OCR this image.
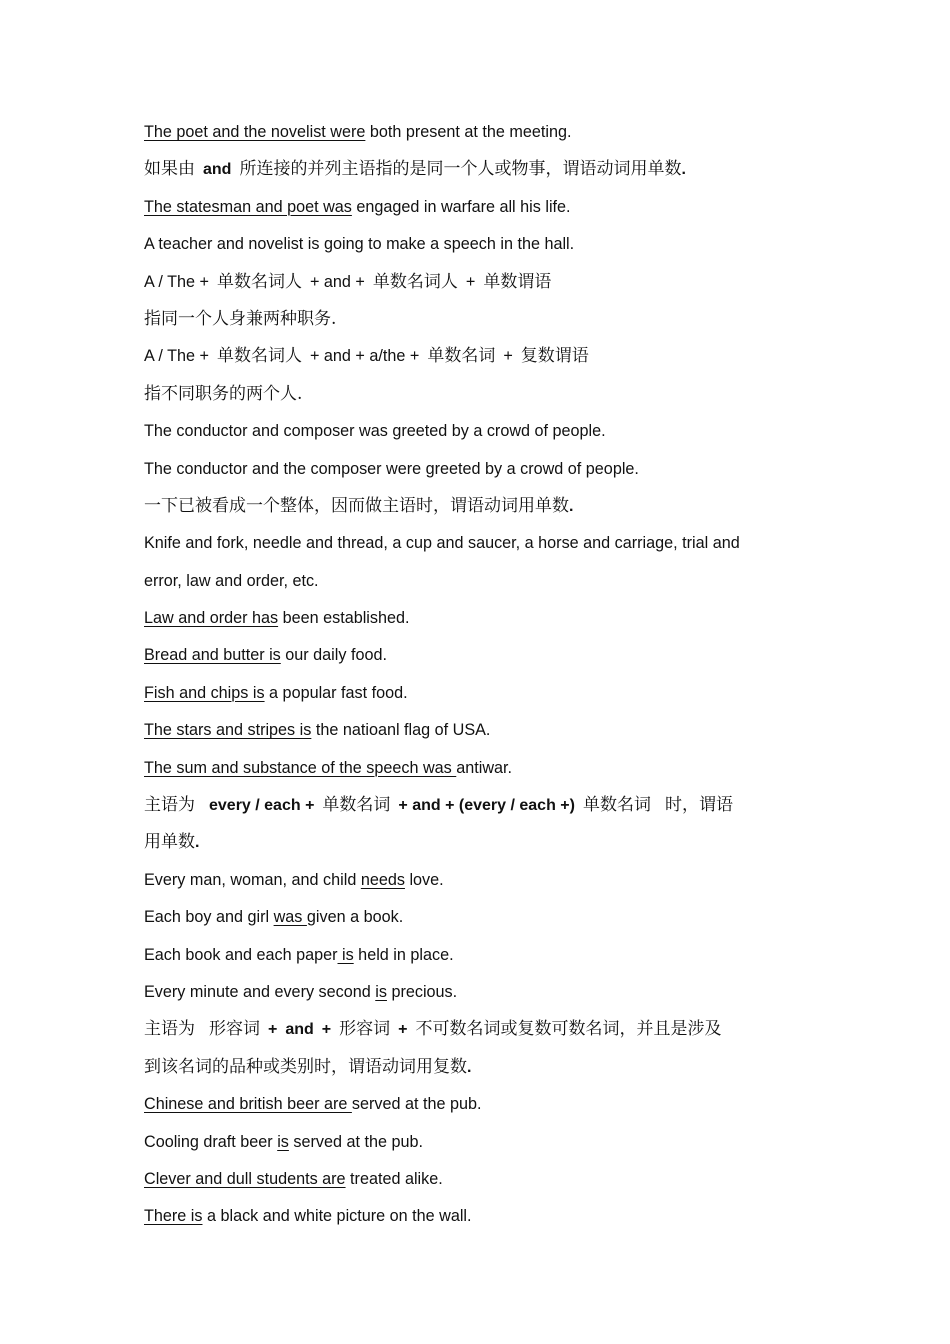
The poet and the novelist were both present at the meeting.
如果由 and 所连接的并列主语指的是同一个人或物事，谓语动词用单数.
The statesman and poet was engaged in warfare all his life.
A teacher and novelist is going to make a speech in the hall.
A / The + 单数名词人 + and + 单数名词人 + 单数谓语
指同一个人身兼两种职务.
A / The + 单数名词人 + and + a/the + 单数名词 + 复数谓语
指不同职务的两个人.
The conductor and composer was greeted by a crowd of people.
The conductor and the composer were greeted by a crowd of people.
一下已被看成一个整体，因而做主语时，谓语动词用单数.
Knife and fork, needle and thread, a cup and saucer, a horse and carriage, trial and
error, law and order, etc.
Law and order has been established.
Bread and butter is our daily food.
Fish and chips is a popular fast food.
The stars and stripes is the natioanl flag of USA.
The sum and substance of the speech was antiwar.
主语为 every / each + 单数名词 + and + (every / each +) 单数名词 时，谓语
用单数.
Every man, woman, and child needs love.
Each boy and girl was given a book.
Each book and each paper is held in place.
Every minute and every second is precious.
主语为 形容词 + and + 形容词 + 不可数名词或复数可数名词，并且是涉及
到该名词的品种或类别时，谓语动词用复数.
Chinese and british beer are served at the pub.
Cooling draft beer is served at the pub.
Clever and dull students are treated alike.
There is a black and white picture on the wall.
